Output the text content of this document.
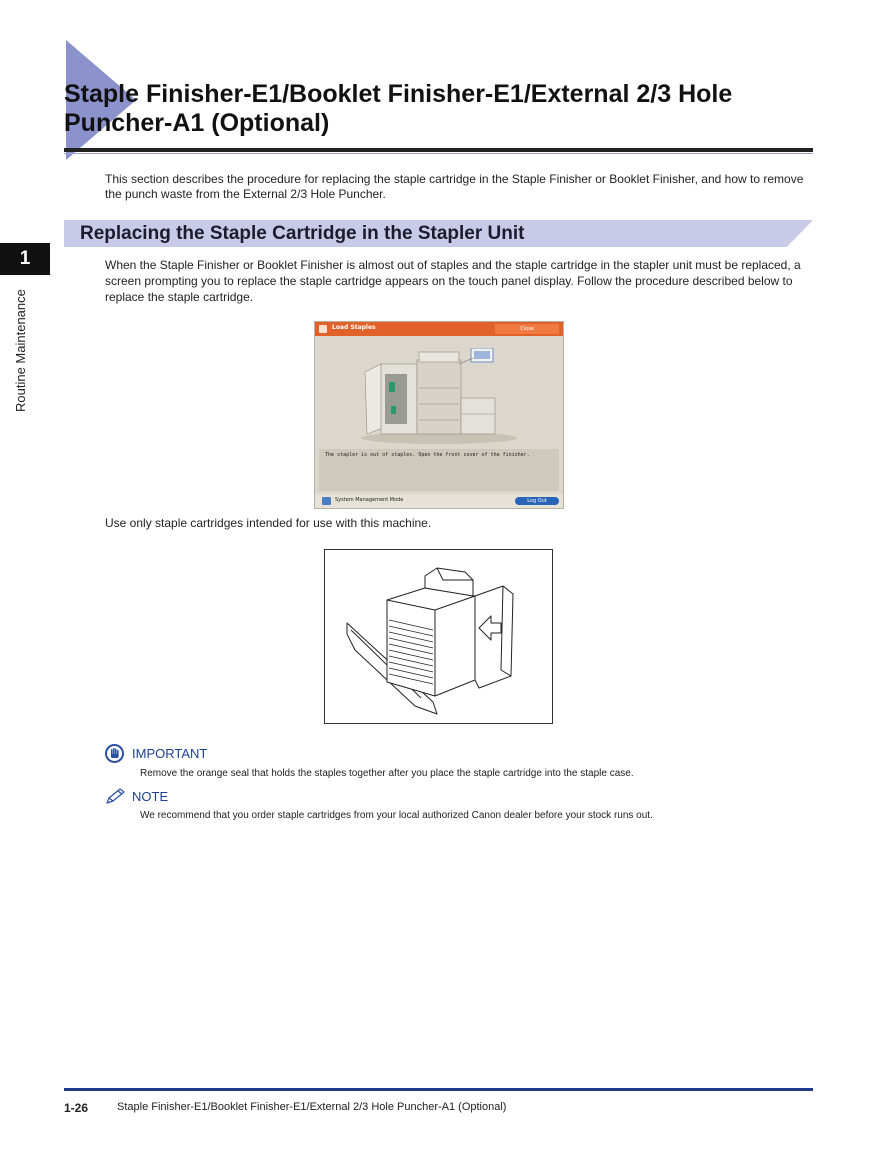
Staple Finisher-E1/Booklet Finisher-E1/External 2/3 Hole Puncher-A1 (Optional)

This section describes the procedure for replacing the staple cartridge in the Staple Finisher or Booklet Finisher, and how to remove the punch waste from the External 2/3 Hole Puncher.

1
Routine Maintenance
Replacing the Staple Cartridge in the Stapler Unit

When the Staple Finisher or Booklet Finisher is almost out of staples and the staple cartridge in the stapler unit must be replaced, a screen prompting you to replace the staple cartridge appears on the touch panel display. Follow the procedure described below to replace the staple cartridge.

Load Staples	Close
The stapler is out of staples. Open the front cover of the finisher.
System Management Mode	Log Out

Use only staple cartridges intended for use with this machine.

IMPORTANT

Remove the orange seal that holds the staples together after you place the staple cartridge into the staple case.

NOTE

We recommend that you order staple cartridges from your local authorized Canon dealer before your stock runs out.

1-26	Staple Finisher-E1/Booklet Finisher-E1/External 2/3 Hole Puncher-A1 (Optional)
